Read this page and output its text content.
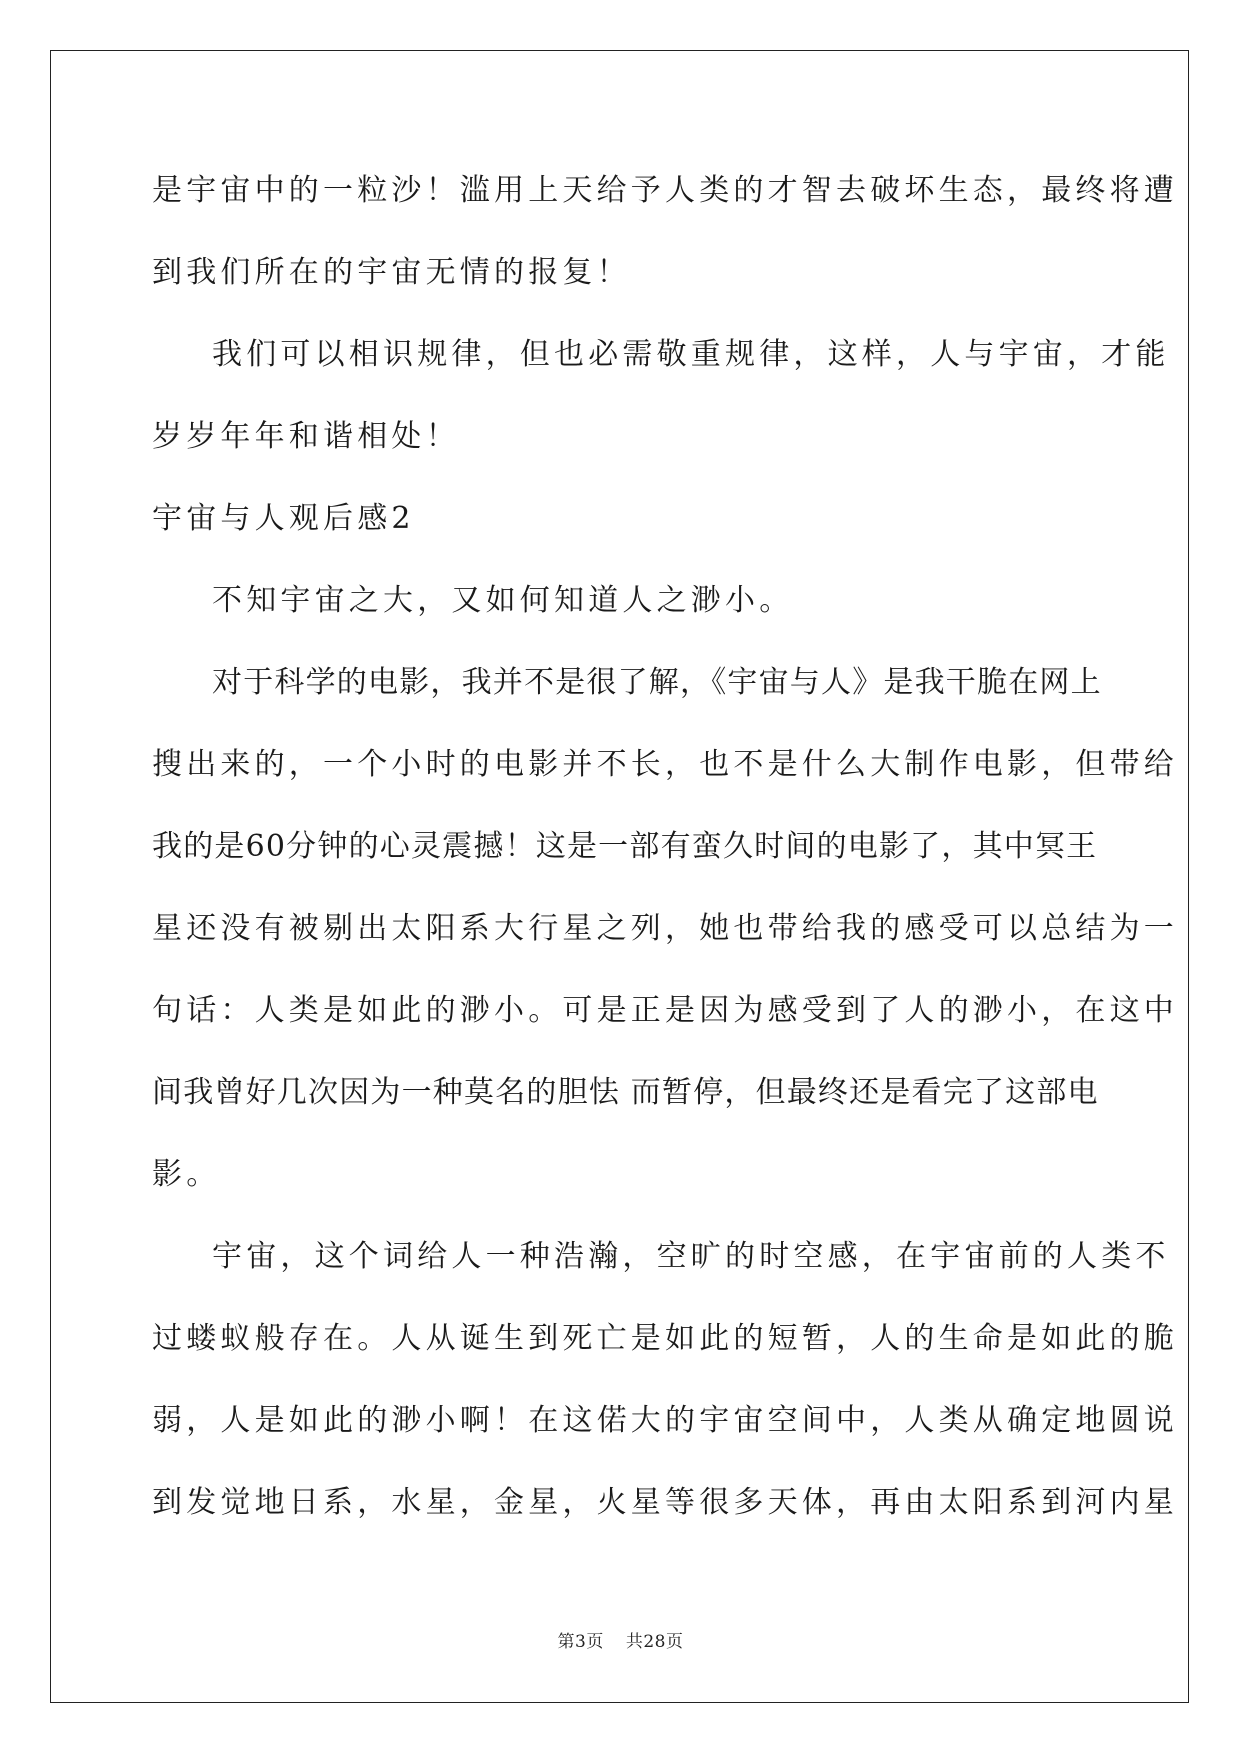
是宇宙中的一粒沙！滥用上天给予人类的才智去破坏生态，最终将遭
到我们所在的宇宙无情的报复！
我们可以相识规律，但也必需敬重规律，这样，人与宇宙，才能
岁岁年年和谐相处！
宇宙与人观后感2
不知宇宙之大，又如何知道人之渺小。
对于科学的电影，我并不是很了解，《宇宙与人》是我干脆在网上
搜出来的，一个小时的电影并不长，也不是什么大制作电影，但带给
我的是60分钟的心灵震撼！这是一部有蛮久时间的电影了，其中冥王
星还没有被剔出太阳系大行星之列，她也带给我的感受可以总结为一
句话：人类是如此的渺小。可是正是因为感受到了人的渺小，在这中
间我曾好几次因为一种莫名的胆怯 而暂停，但最终还是看完了这部电
影。
宇宙，这个词给人一种浩瀚，空旷的时空感，在宇宙前的人类不
过蝼蚁般存在。人从诞生到死亡是如此的短暂，人的生命是如此的脆
弱，人是如此的渺小啊！在这偌大的宇宙空间中，人类从确定地圆说
到发觉地日系，水星，金星，火星等很多天体，再由太阳系到河内星
第3页 共28页
